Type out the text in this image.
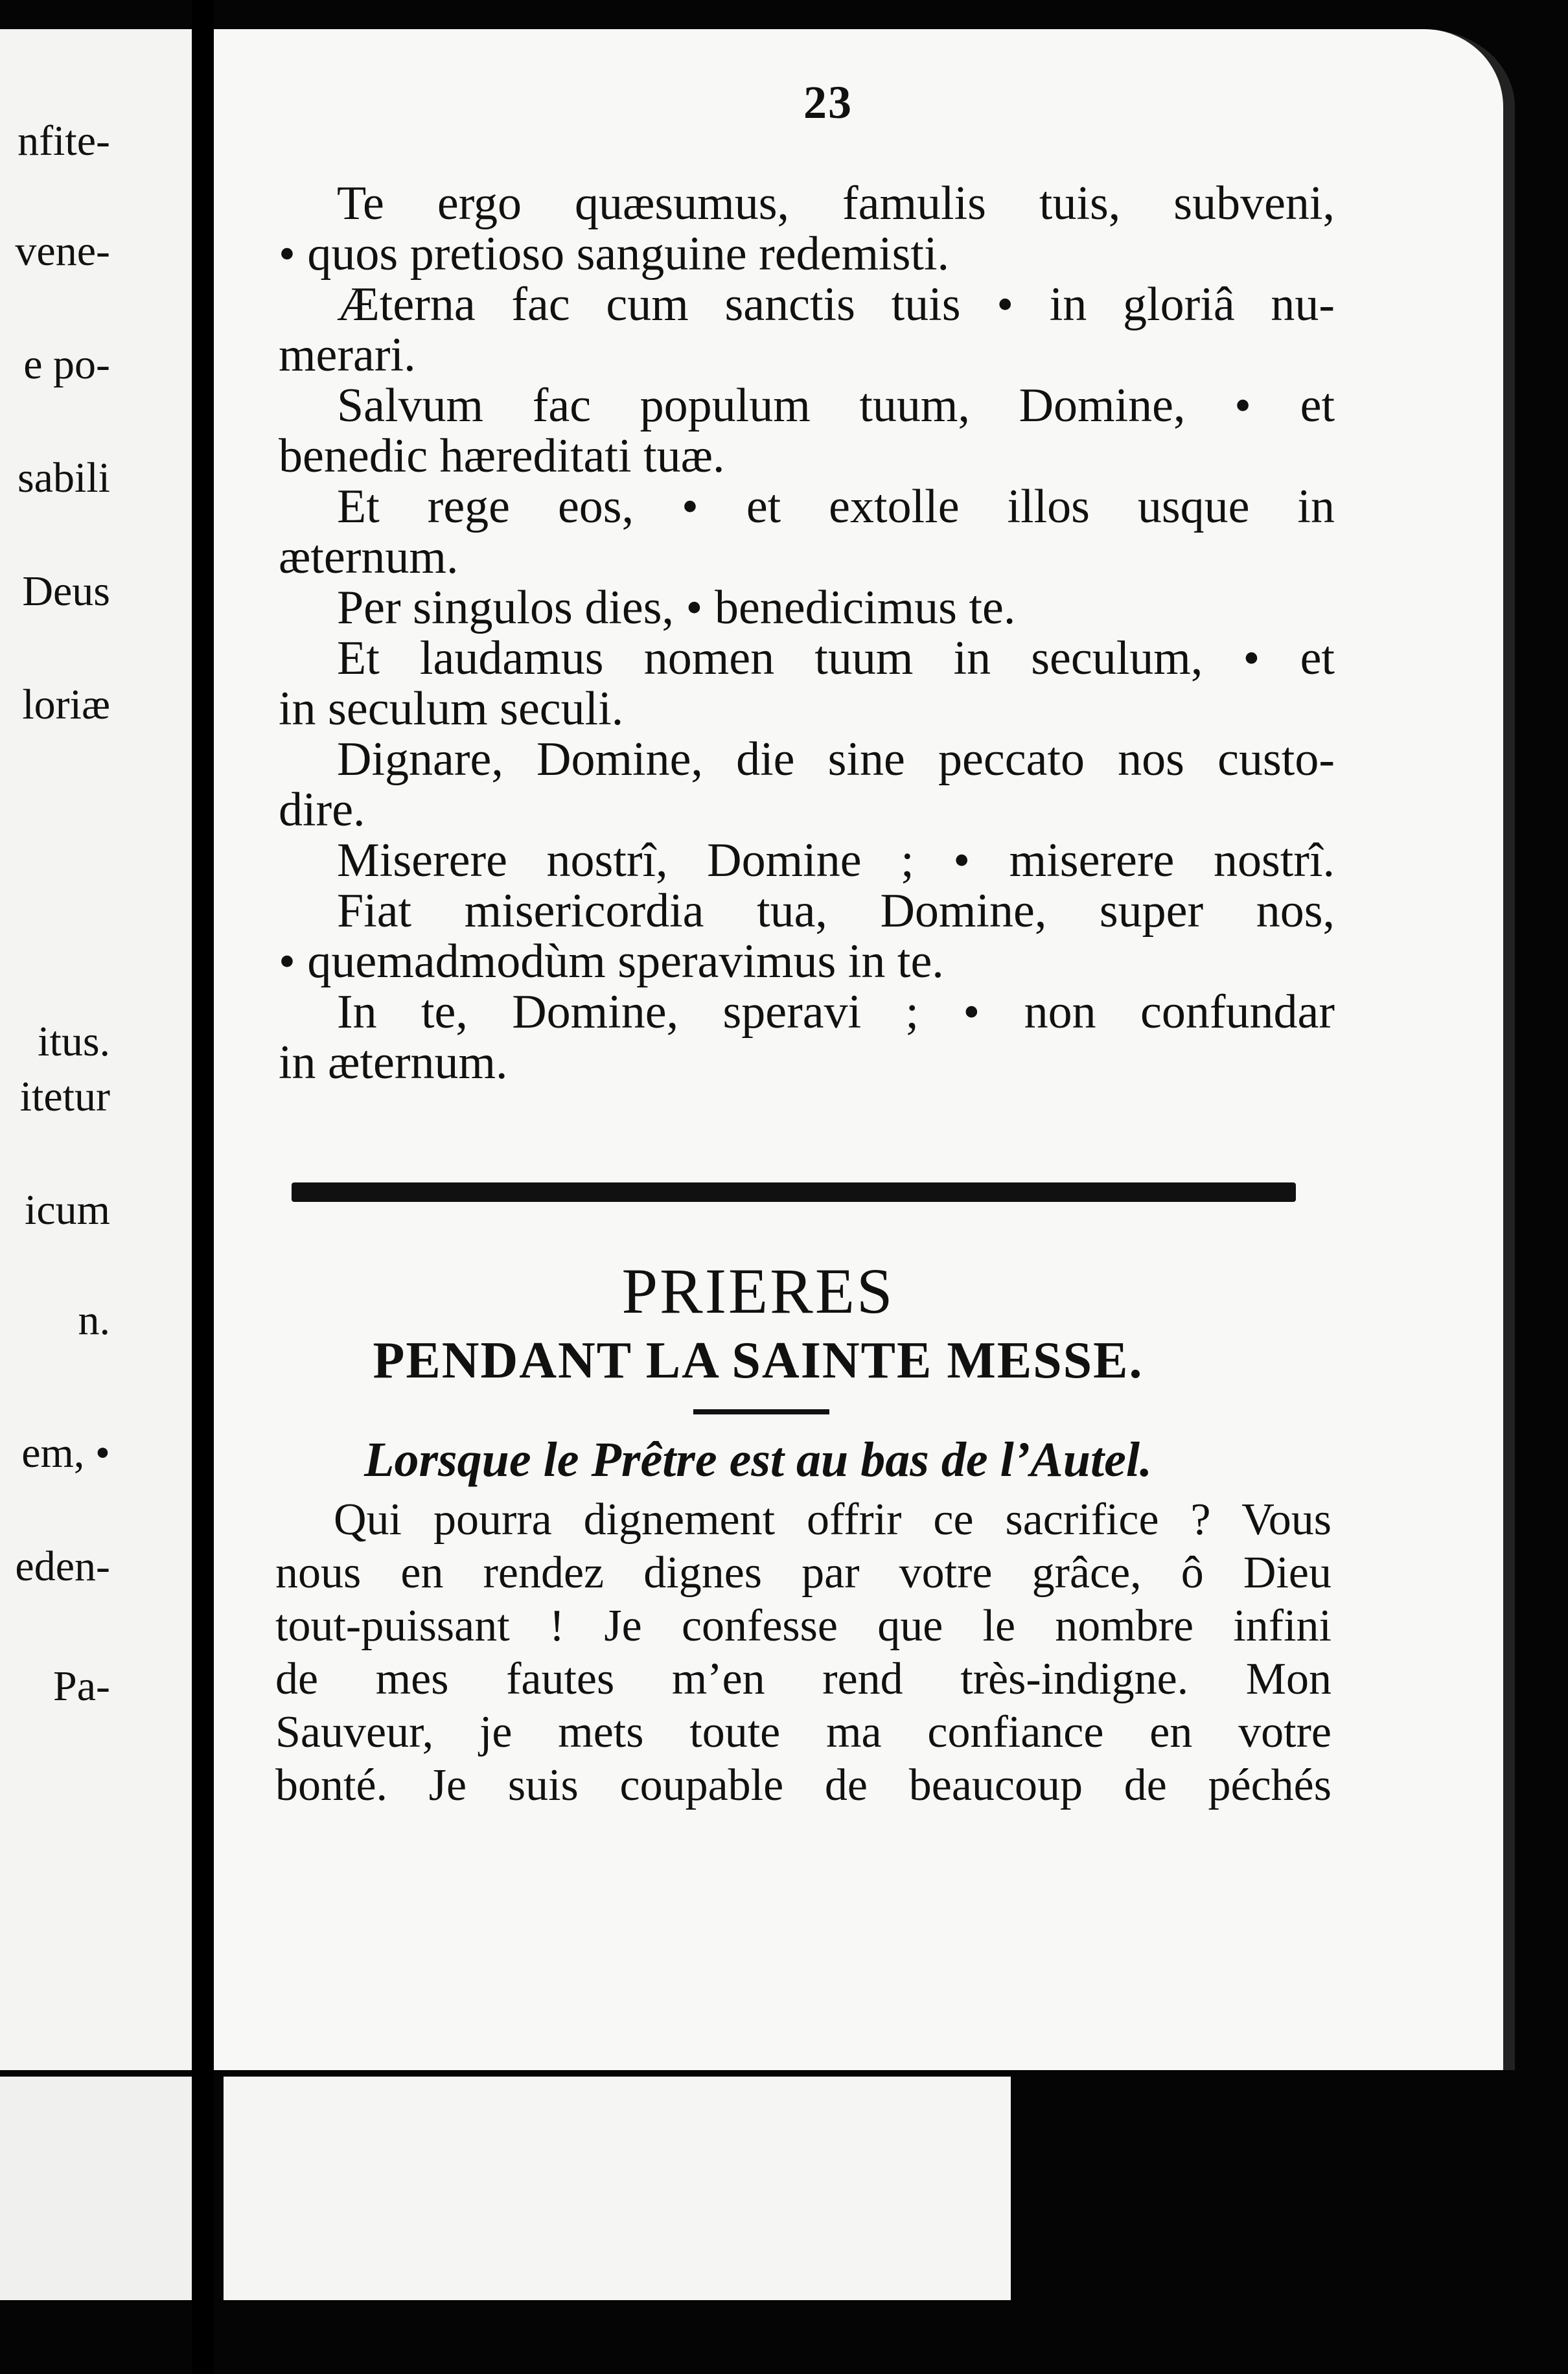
nfite-
vene-
e po-
sabili
Deus
loriæ
itus.
itetur
icum
n.
em, •
eden-
Pa-
23
Te ergo quæsumus, famulis tuis, subveni,
• quos pretioso sanguine redemisti.
Æterna fac cum sanctis tuis • in gloriâ nu-
merari.
Salvum fac populum tuum, Domine, • et
benedic hæreditati tuæ.
Et rege eos, • et extolle illos usque in
æternum.
Per singulos dies, • benedicimus te.
Et laudamus nomen tuum in seculum, • et
in seculum seculi.
Dignare, Domine, die sine peccato nos custo-
dire.
Miserere nostrî, Domine ; • miserere nostrî.
Fiat misericordia tua, Domine, super nos,
• quemadmodùm speravimus in te.
In te, Domine, speravi ; • non confundar
in æternum.
PRIERES
PENDANT LA SAINTE MESSE.
Lorsque le Prêtre est au bas de l’Autel.
Qui pourra dignement offrir ce sacrifice ? Vous
nous en rendez dignes par votre grâce, ô Dieu
tout-puissant ! Je confesse que le nombre infini
de mes fautes m’en rend très-indigne. Mon
Sauveur, je mets toute ma confiance en votre
bonté. Je suis coupable de beaucoup de péchés
